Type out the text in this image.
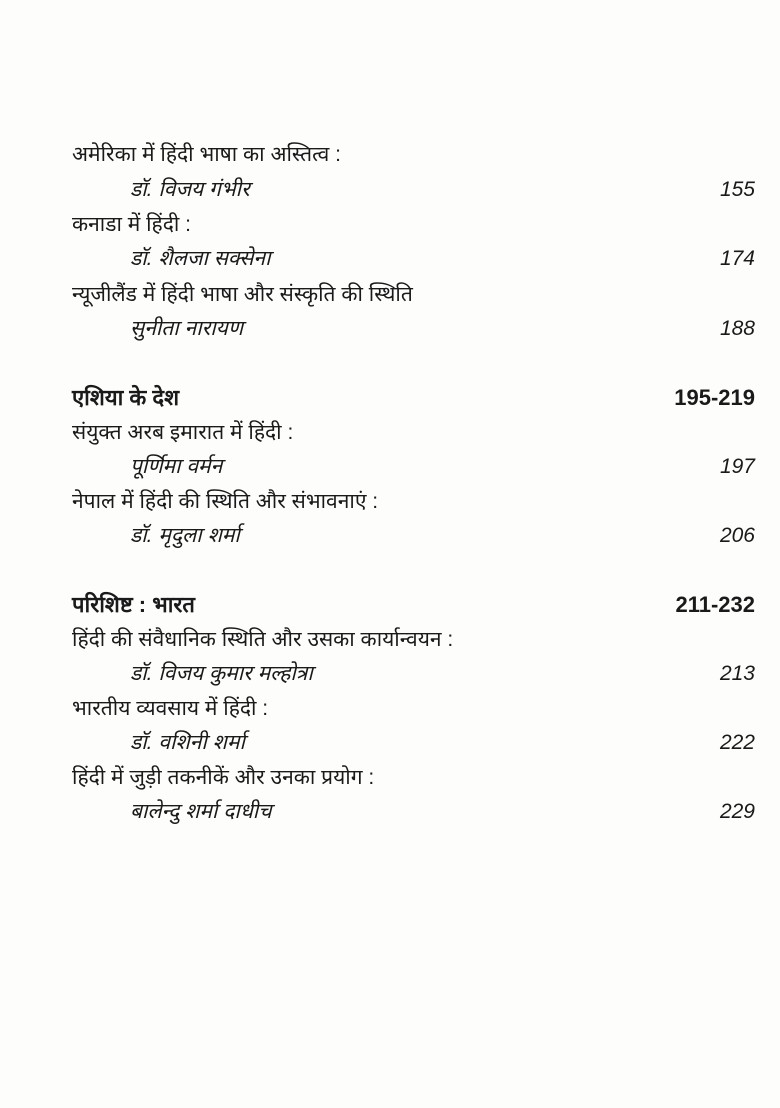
अमेरिका में हिंदी भाषा का अस्तित्व :
डॉ. विजय गंभीर	155
कनाडा में हिंदी :
डॉ. शैलजा सक्सेना	174
न्यूजीलैंड में हिंदी भाषा और संस्कृति की स्थिति
सुनीता नारायण	188
एशिया के देश	195-219
संयुक्त अरब इमारात में हिंदी :
पूर्णिमा वर्मन	197
नेपाल में हिंदी की स्थिति और संभावनाएं :
डॉ. मृदुला शर्मा	206
परिशिष्ट : भारत	211-232
हिंदी की संवैधानिक स्थिति और उसका कार्यान्वयन :
डॉ. विजय कुमार मल्होत्रा	213
भारतीय व्यवसाय में हिंदी :
डॉ. वशिनी शर्मा	222
हिंदी में जुड़ी तकनीकें और उनका प्रयोग :
बालेन्दु शर्मा दाधीच	229
